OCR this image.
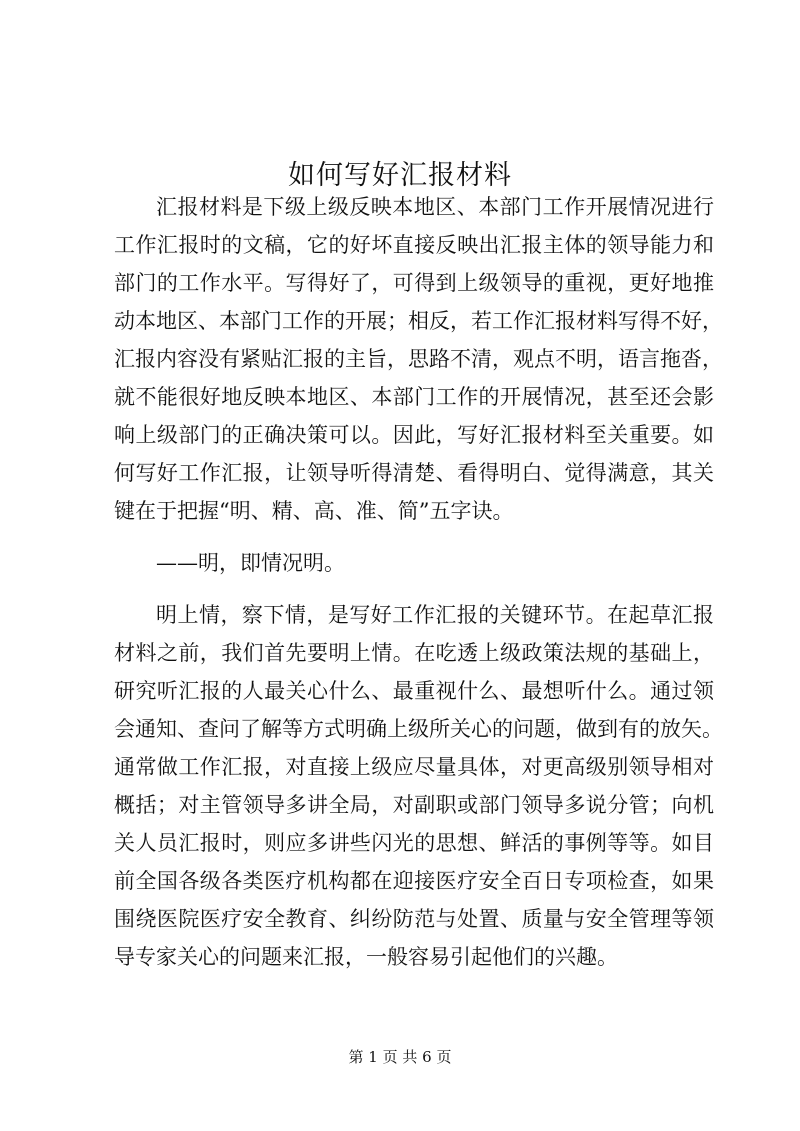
如何写好汇报材料
汇报材料是下级上级反映本地区、本部门工作开展情况进行
工作汇报时的文稿，它的好坏直接反映出汇报主体的领导能力和
部门的工作水平。写得好了，可得到上级领导的重视，更好地推
动本地区、本部门工作的开展；相反，若工作汇报材料写得不好，
汇报内容没有紧贴汇报的主旨，思路不清，观点不明，语言拖沓，
就不能很好地反映本地区、本部门工作的开展情况，甚至还会影
响上级部门的正确决策可以。因此，写好汇报材料至关重要。如
何写好工作汇报，让领导听得清楚、看得明白、觉得满意，其关
键在于把握“明、精、高、准、简”五字诀。
——明，即情况明。
明上情，察下情，是写好工作汇报的关键环节。在起草汇报
材料之前，我们首先要明上情。在吃透上级政策法规的基础上，
研究听汇报的人最关心什么、最重视什么、最想听什么。通过领
会通知、查问了解等方式明确上级所关心的问题，做到有的放矢。
通常做工作汇报，对直接上级应尽量具体，对更高级别领导相对
概括；对主管领导多讲全局，对副职或部门领导多说分管；向机
关人员汇报时，则应多讲些闪光的思想、鲜活的事例等等。如目
前全国各级各类医疗机构都在迎接医疗安全百日专项检查，如果
围绕医院医疗安全教育、纠纷防范与处置、质量与安全管理等领
导专家关心的问题来汇报，一般容易引起他们的兴趣。
第 1 页 共 6 页
